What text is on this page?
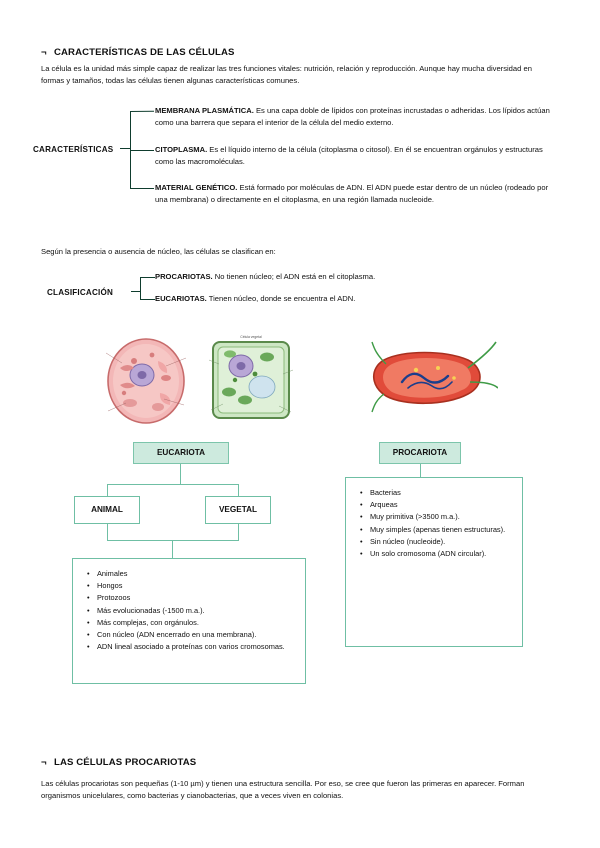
¬ CARACTERÍSTICAS DE LAS CÉLULAS
La célula es la unidad más simple capaz de realizar las tres funciones vitales: nutrición, relación y reproducción. Aunque hay mucha diversidad en formas y tamaños, todas las células tienen algunas características comunes.
CARACTERÍSTICAS
MEMBRANA PLASMÁTICA. Es una capa doble de lípidos con proteínas incrustadas o adheridas. Los lípidos actúan como una barrera que separa el interior de la célula del medio externo.
CITOPLASMA. Es el líquido interno de la célula (citoplasma o citosol). En él se encuentran orgánulos y estructuras como las macromoléculas.
MATERIAL GENÉTICO. Está formado por moléculas de ADN. El ADN puede estar dentro de un núcleo (rodeado por una membrana) o directamente en el citoplasma, en una región llamada nucleoide.
Según la presencia o ausencia de núcleo, las células se clasifican en:
CLASIFICACIÓN
PROCARIOTAS. No tienen núcleo; el ADN está en el citoplasma.
EUCARIOTAS. Tienen núcleo, donde se encuentra el ADN.
Célula vegetal
EUCARIOTA	PROCARIOTA
ANIMAL	VEGETAL
• Animales
• Hongos
• Protozoos
• Más evolucionadas (-1500 m.a.).
• Más complejas, con orgánulos.
• Con núcleo (ADN encerrado en una membrana).
• ADN lineal asociado a proteínas con varios cromosomas.
• Bacterias
• Arqueas
• Muy primitiva (>3500 m.a.).
• Muy simples (apenas tienen estructuras).
• Sin núcleo (nucleoide).
• Un solo cromosoma (ADN circular).
¬ LAS CÉLULAS PROCARIOTAS
Las células procariotas son pequeñas (1-10 µm) y tienen una estructura sencilla. Por eso, se cree que fueron las primeras en aparecer. Forman organismos unicelulares, como bacterias y cianobacterias, que a veces viven en colonias.
